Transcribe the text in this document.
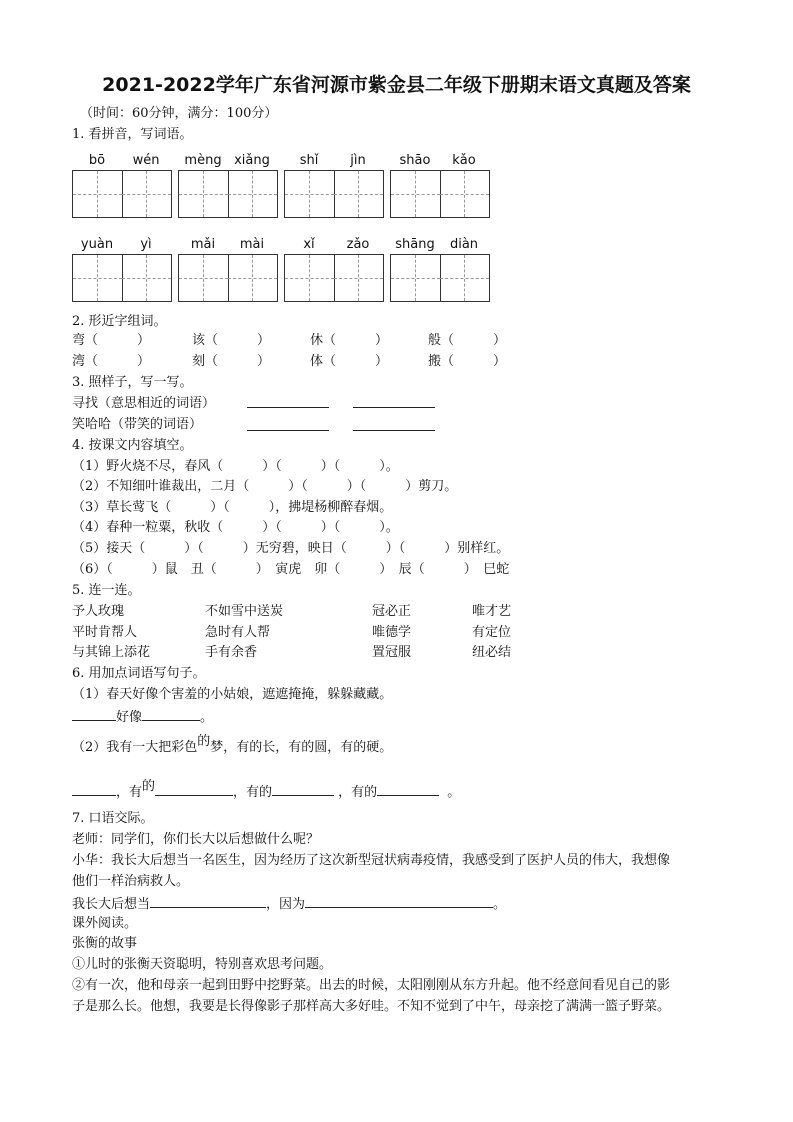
2021-2022学年广东省河源市紫金县二年级下册期末语文真题及答案
（时间：60分钟，满分：100分）
1. 看拼音，写词语。
bō	wén	mèng xiǎng	shǐ	jìn	shāo	kǎo
yuàn	yì	mǎi	mài	xǐ	zǎo	shāng	diàn
2. 形近字组词。
弯（　　　）	该（　　　）	休（　　　）	般（　　　）
湾（　　　）	刻（　　　）	体（　　　）	搬（　　　）
3. 照样子，写一写。
寻找（意思相近的词语）
笑哈哈（带笑的词语）
4. 按课文内容填空。
（1）野火烧不尽，春风（　　　）（　　　）（　　　）。
（2）不知细叶谁裁出，二月（　　　）（　　　）（　　　）剪刀。
（3）草长莺飞（　　　）（　　　），拂堤杨柳醉春烟。
（4）春种一粒粟，秋收（　　　）（　　　）（　　　）。
（5）接天（　　　）（　　　）无穷碧，映日（　　　）（　　　）别样红。
（6）（　　　）鼠　丑（　　　）　寅虎　卯（　　　）　辰（　　　）　巳蛇
5. 连一连。
予人玫瑰	不如雪中送炭	冠必正	唯才艺
平时肯帮人	急时有人帮	唯德学	有定位
与其锦上添花	手有余香	置冠服	纽必结
6. 用加点词语写句子。
（1）春天好像个害羞的小姑娘，遮遮掩掩，躲躲藏藏。
好像	。
（2）我有一大把彩色的梦，有的长，有的圆，有的硬。
，有的	，有的	，有的	。
7. 口语交际。
老师：同学们，你们长大以后想做什么呢？
小华：我长大后想当一名医生，因为经历了这次新型冠状病毒疫情，我感受到了医护人员的伟大，我想像
他们一样治病救人。
我长大后想当	，因为	。
课外阅读。
张衡的故事
①儿时的张衡天资聪明，特别喜欢思考问题。
②有一次，他和母亲一起到田野中挖野菜。出去的时候，太阳刚刚从东方升起。他不经意间看见自己的影
子是那么长。他想，我要是长得像影子那样高大多好哇。不知不觉到了中午，母亲挖了满满一篮子野菜。
